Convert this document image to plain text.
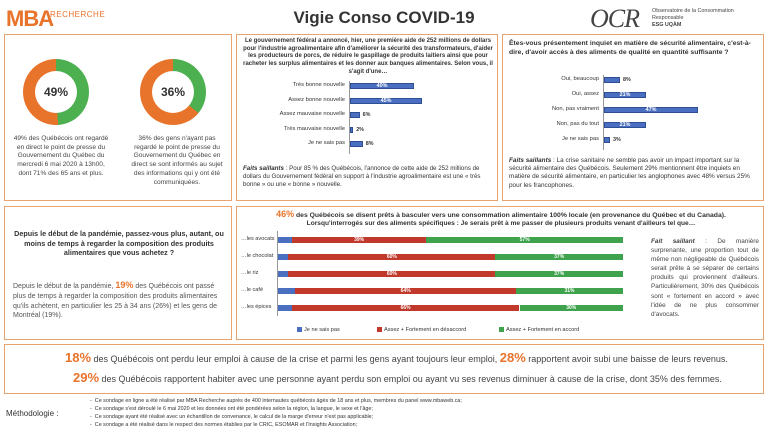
MBA
RECHERCHE	Vigie Conso COVID-19	OCR Observatoire de la Consommation Responsable
ESG UQÀM
49%	36%
49% des Québécois ont regardé en direct le point de presse du Gouvernement du Québec du mercredi 6 mai 2020 à 13h00, dont 71% des 65 ans et plus.
36% des gens n'ayant pas regardé le point de presse du Gouvernement du Québec en direct se sont informés au sujet des informations qui y ont été communiquées.
Le gouvernement fédéral a annoncé, hier, une première aide de 252 millions de dollars pour l'industrie agroalimentaire afin d'améliorer la sécurité des transformateurs, d'aider les producteurs de porcs, de réduire le gaspillage de produits laitiers ainsi que pour racheter les surplus alimentaires et les donner aux banques alimentaires. Selon vous, il s'agit d'une…
Très bonne nouvelle	40%
Assez bonne nouvelle	45%
Assez mauvaise nouvelle	6%
Très mauvaise nouvelle 2%
Je ne sais pas	8%
Faits saillants : Pour 85 % des Québécois, l'annonce de cette aide de 252 millions de dollars du Gouvernement fédéral en support à l'industrie agroalimentaire est une « très bonne » ou une « bonne » nouvelle.
Êtes-vous présentement inquiet en matière de sécurité alimentaire, c'est-à-dire, d'avoir accès à des aliments de qualité en quantité suffisante ?
Oui, beaucoup	8%
Oui, assez	21%
Non, pas vraiment	47%
Non, pas du tout	21%
Je ne sais pas	3%
Faits saillants : La crise sanitaire ne semble pas avoir un impact important sur la sécurité alimentaire des Québécois. Seulement 29% mentionnent être inquiets en matière de sécurité alimentaire, en particulier les anglophones avec 48% versus 25% pour les francophones.
Depuis le début de la pandémie, passez-vous plus, autant, ou moins de temps à regarder la composition des produits alimentaires que vous achetez ?
Depuis le début de la pandémie, 19% des Québécois ont passé plus de temps à regarder la composition des produits alimentaires qu'ils achètent, en particulier les 25 à 34 ans (26%) et les gens de Montréal (19%).
46% des Québécois se disent prêts à basculer vers une consommation alimentaire 100% locale (en provenance du Québec et du Canada).
Lorsqu'interrogés sur des aliments spécifiques : Je serais prêt à me passer de plusieurs produits venant d'ailleurs tel que…
…les avocats	39%	57%
…le chocolat	60%	37%
…le riz	60%	37%
…le café	64%	31%
…les épices	66%	30%
Je ne sais pas	Assez + Fortement en désaccord	Assez + Fortement en accord
Fait saillant : De manière surprenante, une proportion tout de même non négligeable de Québécois serait prête à se séparer de certains produits qui proviennent d'ailleurs. Particulièrement, 30% des Québécois sont « fortement en accord » avec l'idée de ne plus consommer d'avocats.
18% des Québécois ont perdu leur emploi à cause de la crise et parmi les gens ayant toujours leur emploi, 28% rapportent avoir subi une baisse de leurs revenus.
29% des Québécois rapportent habiter avec une personne ayant perdu son emploi ou ayant vu ses revenus diminuer à cause de la crise, dont 35% des femmes.
Méthodologie :
-  Ce sondage en ligne a été réalisé par MBA Recherche auprès de 400 internautes québécois âgés de 18 ans et plus, membres du panel www.mbaweb.ca;
-  Ce sondage s'est déroulé le 6 mai 2020 et les données ont été pondérées selon la région, la langue, le sexe et l'âge;
-  Ce sondage ayant été réalisé avec un échantillon de convenance, le calcul de la marge d'erreur n'est pas applicable;
-  Ce sondage a été réalisé dans le respect des normes établies par le CRIC, ESOMAR et l'Insights Association;
